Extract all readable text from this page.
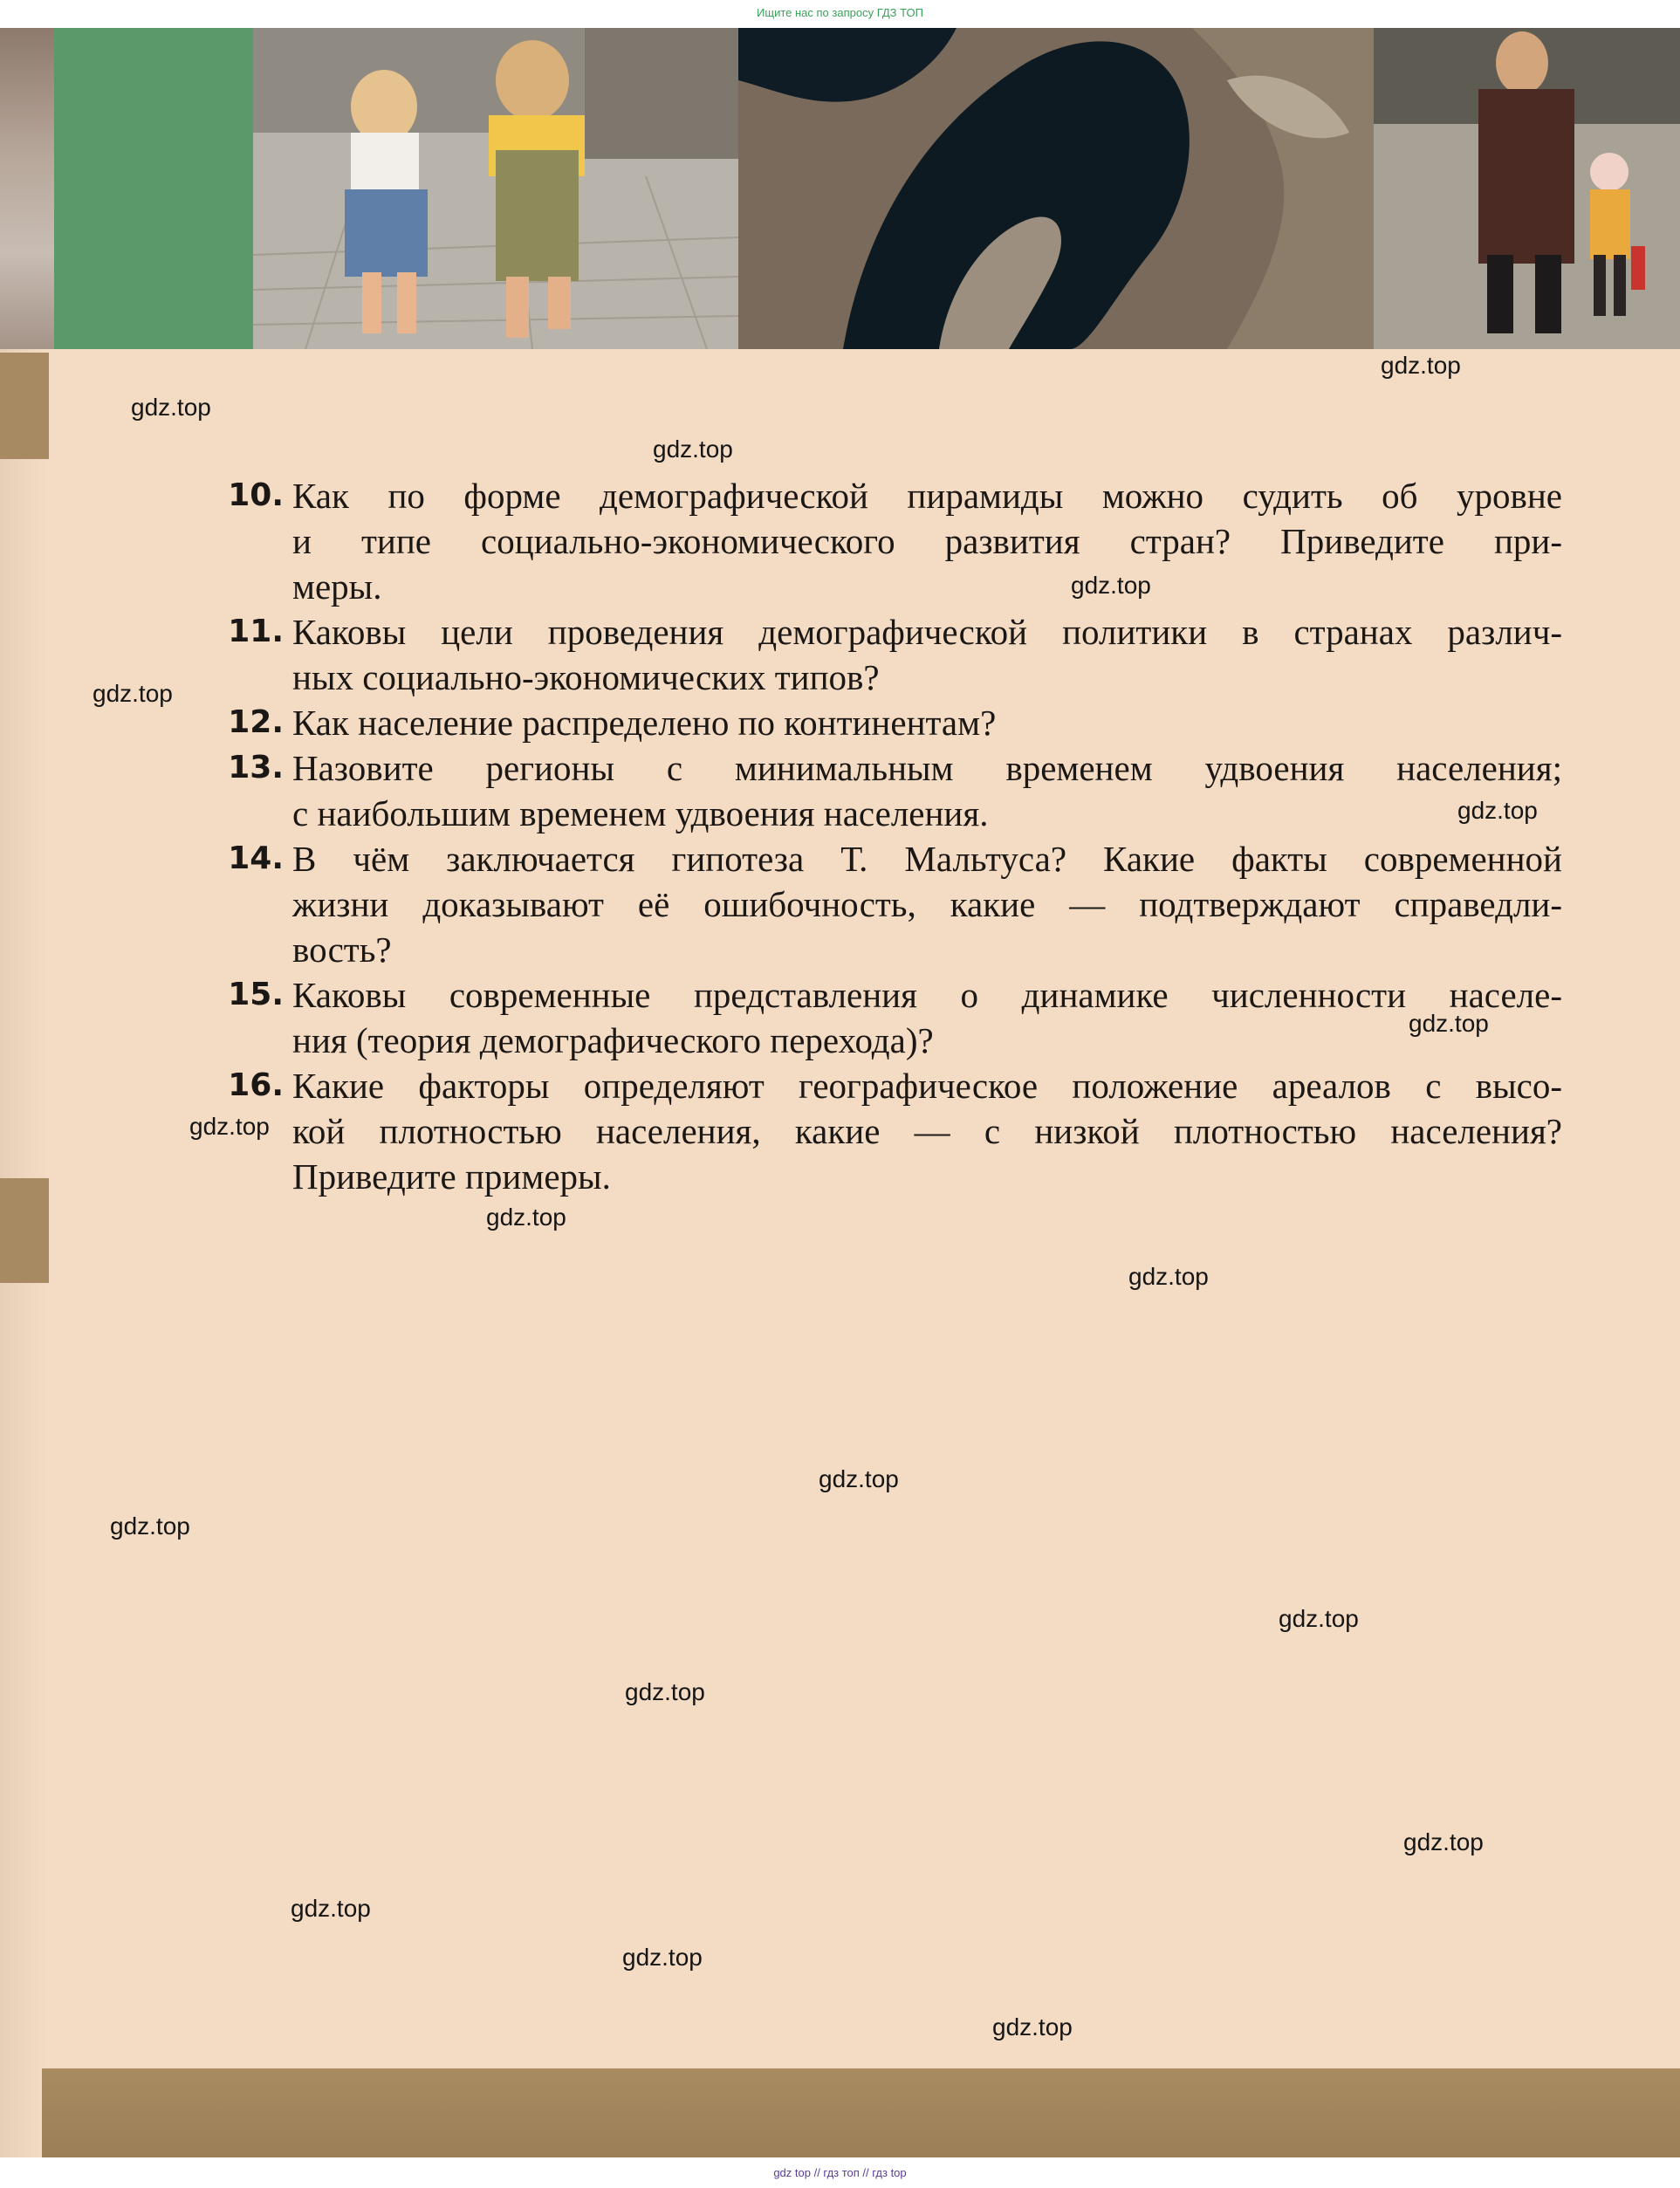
Ищите нас по запросу ГДЗ ТОП
10. Как по форме демографической пирамиды можно судить об уровне
и типе социально-экономического развития стран? Приведите при-
меры.
11. Каковы цели проведения демографической политики в странах различ-
ных социально-экономических типов?
12. Как население распределено по континентам?
13. Назовите регионы с минимальным временем удвоения населения;
с наибольшим временем удвоения населения.
14. В чём заключается гипотеза Т. Мальтуса? Какие факты современной
жизни доказывают её ошибочность, какие — подтверждают справедли-
вость?
15. Каковы современные представления о динамике численности населе-
ния (теория демографического перехода)?
16. Какие факторы определяют географическое положение ареалов с высо-
кой плотностью населения, какие — с низкой плотностью населения?
Приведите примеры.
gdz.top
gdz.top
gdz.top
gdz.top
gdz.top
gdz.top
gdz.top
gdz.top
gdz.top
gdz.top
gdz.top
gdz.top
gdz.top
gdz.top
gdz.top
gdz.top
gdz.top
gdz.top
gdz top // гдз топ // гдз top
